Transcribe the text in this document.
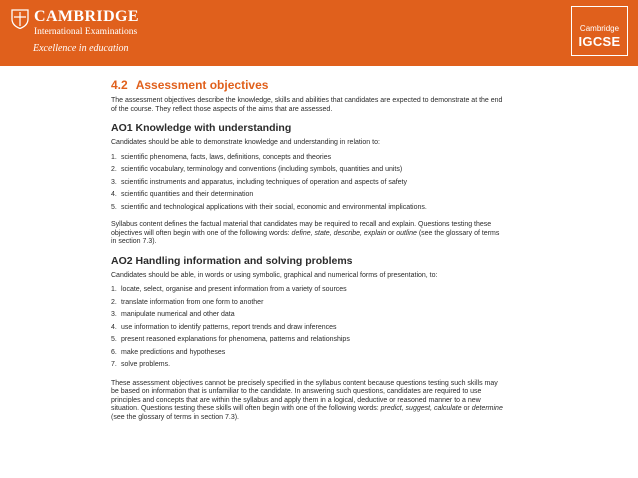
CAMBRIDGE
International Examinations
Excellence in education
Cambridge
IGCSE
4.2 Assessment objectives

The assessment objectives describe the knowledge, skills and abilities that candidates are expected to demonstrate at the end of the course. They reflect those aspects of the aims that are assessed.

AO1 Knowledge with understanding

Candidates should be able to demonstrate knowledge and understanding in relation to:

1. scientific phenomena, facts, laws, definitions, concepts and theories
2. scientific vocabulary, terminology and conventions (including symbols, quantities and units)
3. scientific instruments and apparatus, including techniques of operation and aspects of safety
4. scientific quantities and their determination
5. scientific and technological applications with their social, economic and environmental implications.

Syllabus content defines the factual material that candidates may be required to recall and explain. Questions testing these objectives will often begin with one of the following words: define, state, describe, explain or outline (see the glossary of terms in section 7.3).

AO2 Handling information and solving problems

Candidates should be able, in words or using symbolic, graphical and numerical forms of presentation, to:

1. locate, select, organise and present information from a variety of sources
2. translate information from one form to another
3. manipulate numerical and other data
4. use information to identify patterns, report trends and draw inferences
5. present reasoned explanations for phenomena, patterns and relationships
6. make predictions and hypotheses
7. solve problems.

These assessment objectives cannot be precisely specified in the syllabus content because questions testing such skills may be based on information that is unfamiliar to the candidate. In answering such questions, candidates are required to use principles and concepts that are within the syllabus and apply them in a logical, deductive or reasoned manner to a new situation. Questions testing these skills will often begin with one of the following words: predict, suggest, calculate or determine (see the glossary of terms in section 7.3).
